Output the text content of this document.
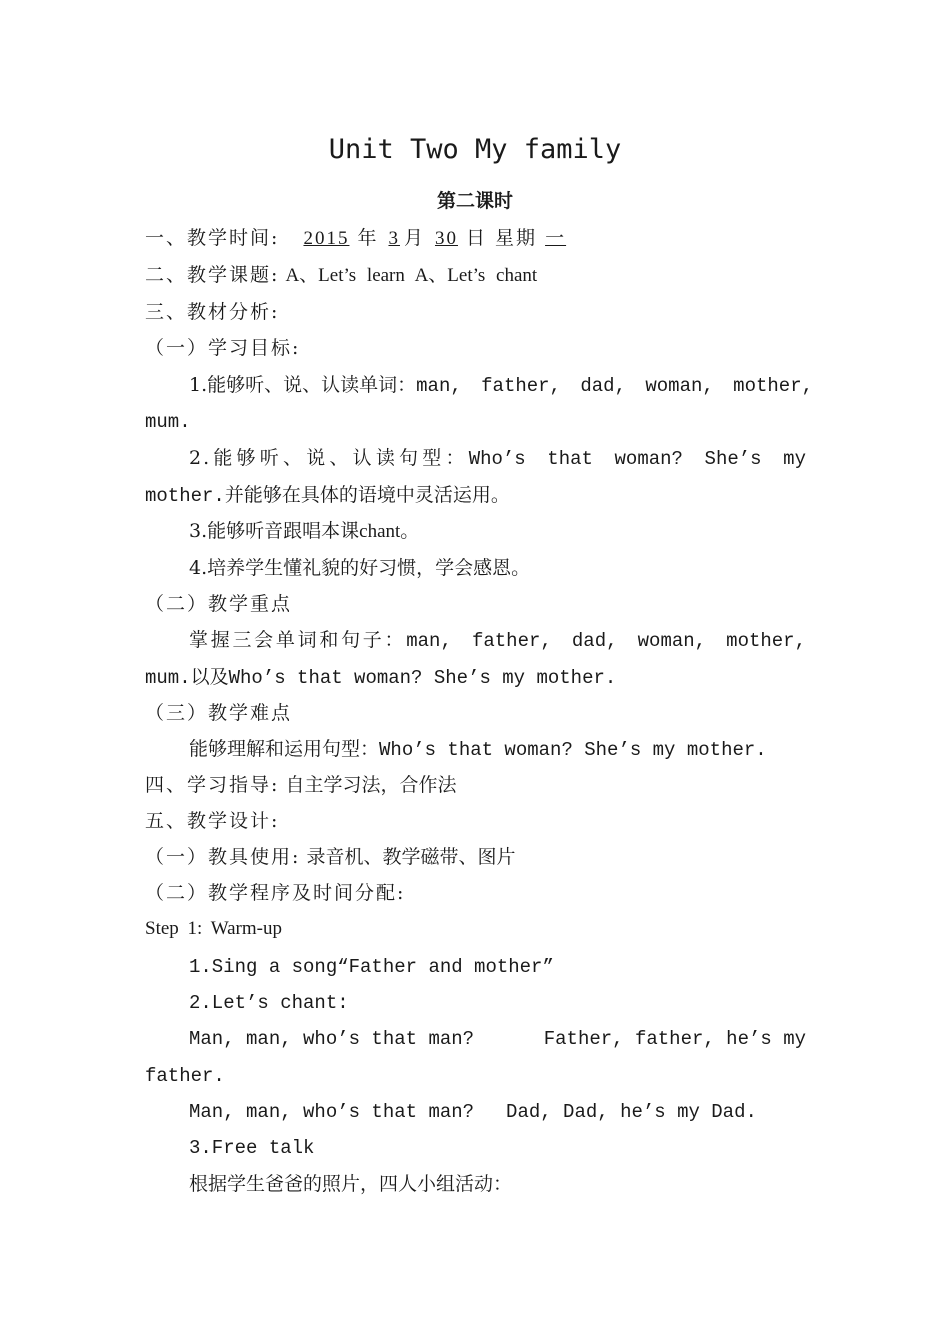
Unit Two My family
第二课时
一、教学时间: 2015 年 3 月 30 日 星期 一
二、教学课题: A、Let’s learn A、Let’s chant
三、教材分析:
（一）学习目标:
1.能够听、说、认读单词：man, father, dad, woman, mother,
mum.
2.能够听、说、认读句型：Who’s that woman? She’s my
mother.并能够在具体的语境中灵活运用。
3.能够听音跟唱本课chant。
4.培养学生懂礼貌的好习惯，学会感恩。
（二）教学重点
掌握三会单词和句子：man, father, dad, woman, mother,
mum.以及Who’s that woman? She’s my mother.
（三）教学难点
能够理解和运用句型：Who’s that woman? She’s my mother.
四、学习指导: 自主学习法，合作法
五、教学设计:
（一）教具使用: 录音机、教学磁带、图片
（二）教学程序及时间分配:
Step 1: Warm-up
1.Sing a song“Father and mother”
2.Let’s chant:
Man, man, who’s that man?	Father, father, he’s my
father.
Man, man, who’s that man? Dad, Dad, he’s my Dad.
3.Free talk
根据学生爸爸的照片，四人小组活动：
